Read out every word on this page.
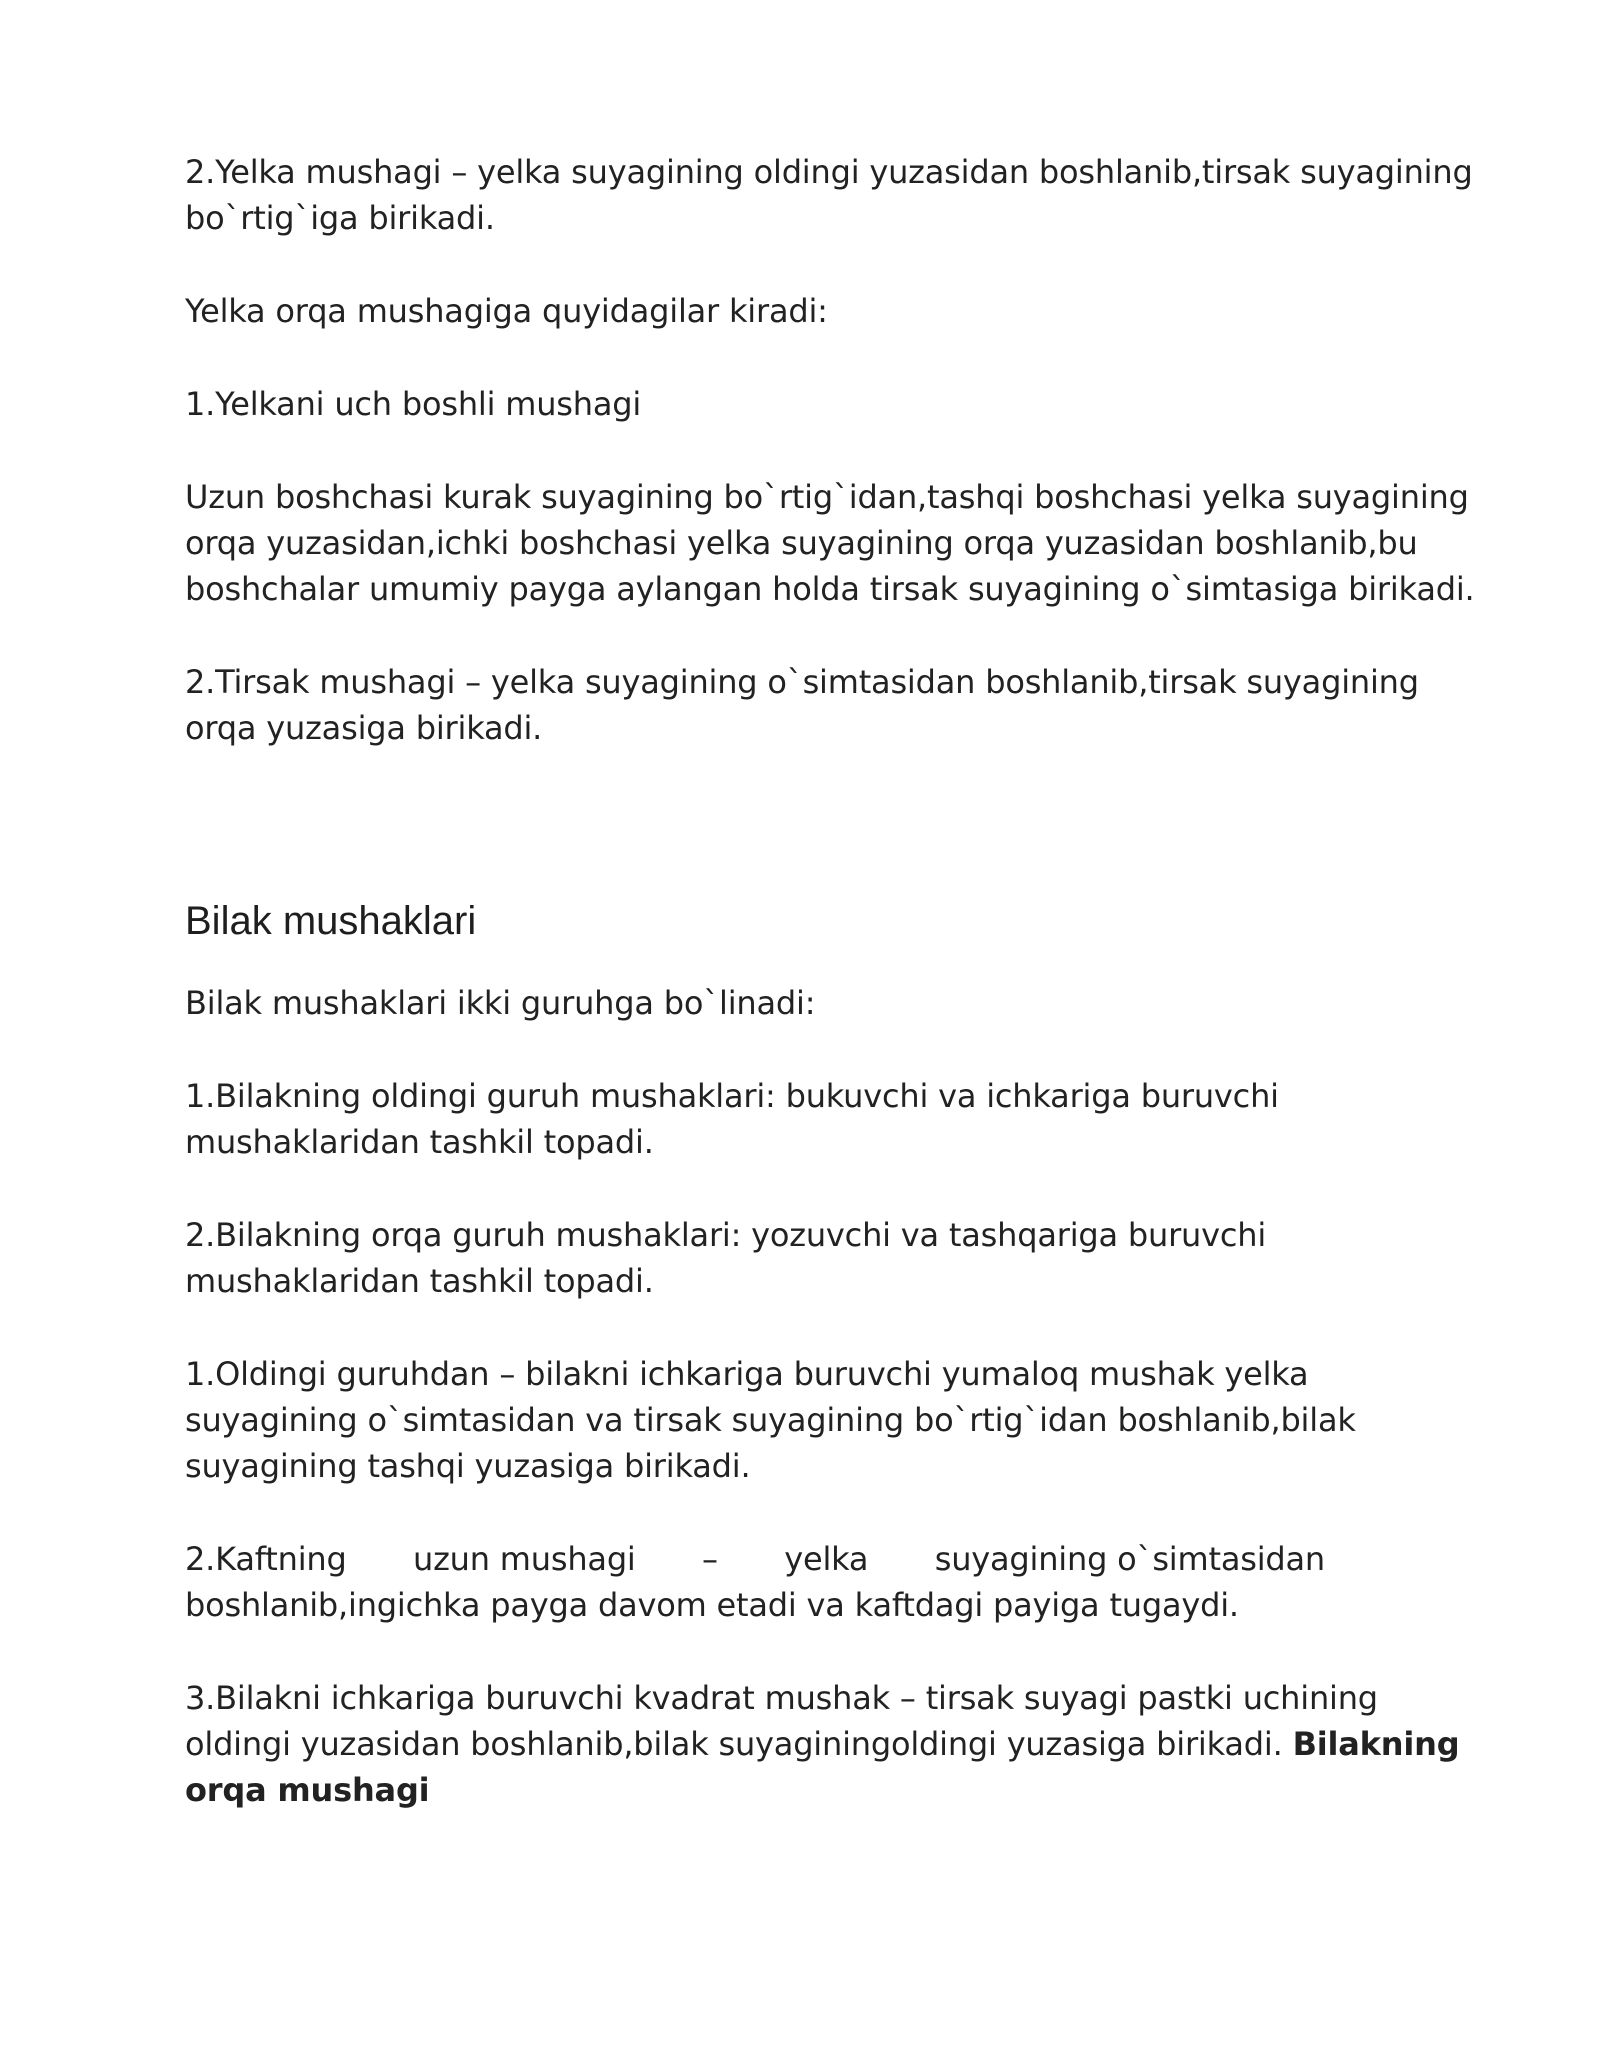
2.Yelka mushagi – yelka suyagining oldingi yuzasidan boshlanib,tirsak suyagining
bo`rtig`iga birikadi.

Yelka orqa mushagiga quyidagilar kiradi:

1.Yelkani uch boshli mushagi

Uzun boshchasi kurak suyagining bo`rtig`idan,tashqi boshchasi yelka suyagining
orqa yuzasidan,ichki boshchasi yelka suyagining orqa yuzasidan boshlanib,bu
boshchalar umumiy payga aylangan holda tirsak suyagining o`simtasiga birikadi.

2.Tirsak mushagi – yelka suyagining o`simtasidan boshlanib,tirsak suyagining
orqa yuzasiga birikadi.

Bilak mushaklari

Bilak mushaklari ikki guruhga bo`linadi:

1.Bilakning oldingi guruh mushaklari: bukuvchi va ichkariga buruvchi
mushaklaridan tashkil topadi.

2.Bilakning orqa guruh mushaklari: yozuvchi va tashqariga buruvchi
mushaklaridan tashkil topadi.

1.Oldingi guruhdan – bilakni ichkariga buruvchi yumaloq mushak yelka
suyagining o`simtasidan va tirsak suyagining bo`rtig`idan boshlanib,bilak
suyagining tashqi yuzasiga birikadi.

2.Kaftning uzun mushagi – yelka suyagining o`simtasidan
boshlanib,ingichka payga davom etadi va kaftdagi payiga tugaydi.

3.Bilakni ichkariga buruvchi kvadrat mushak – tirsak suyagi pastki uchining
oldingi yuzasidan boshlanib,bilak suyaginingoldingi yuzasiga birikadi. Bilakning
orqa mushagi
